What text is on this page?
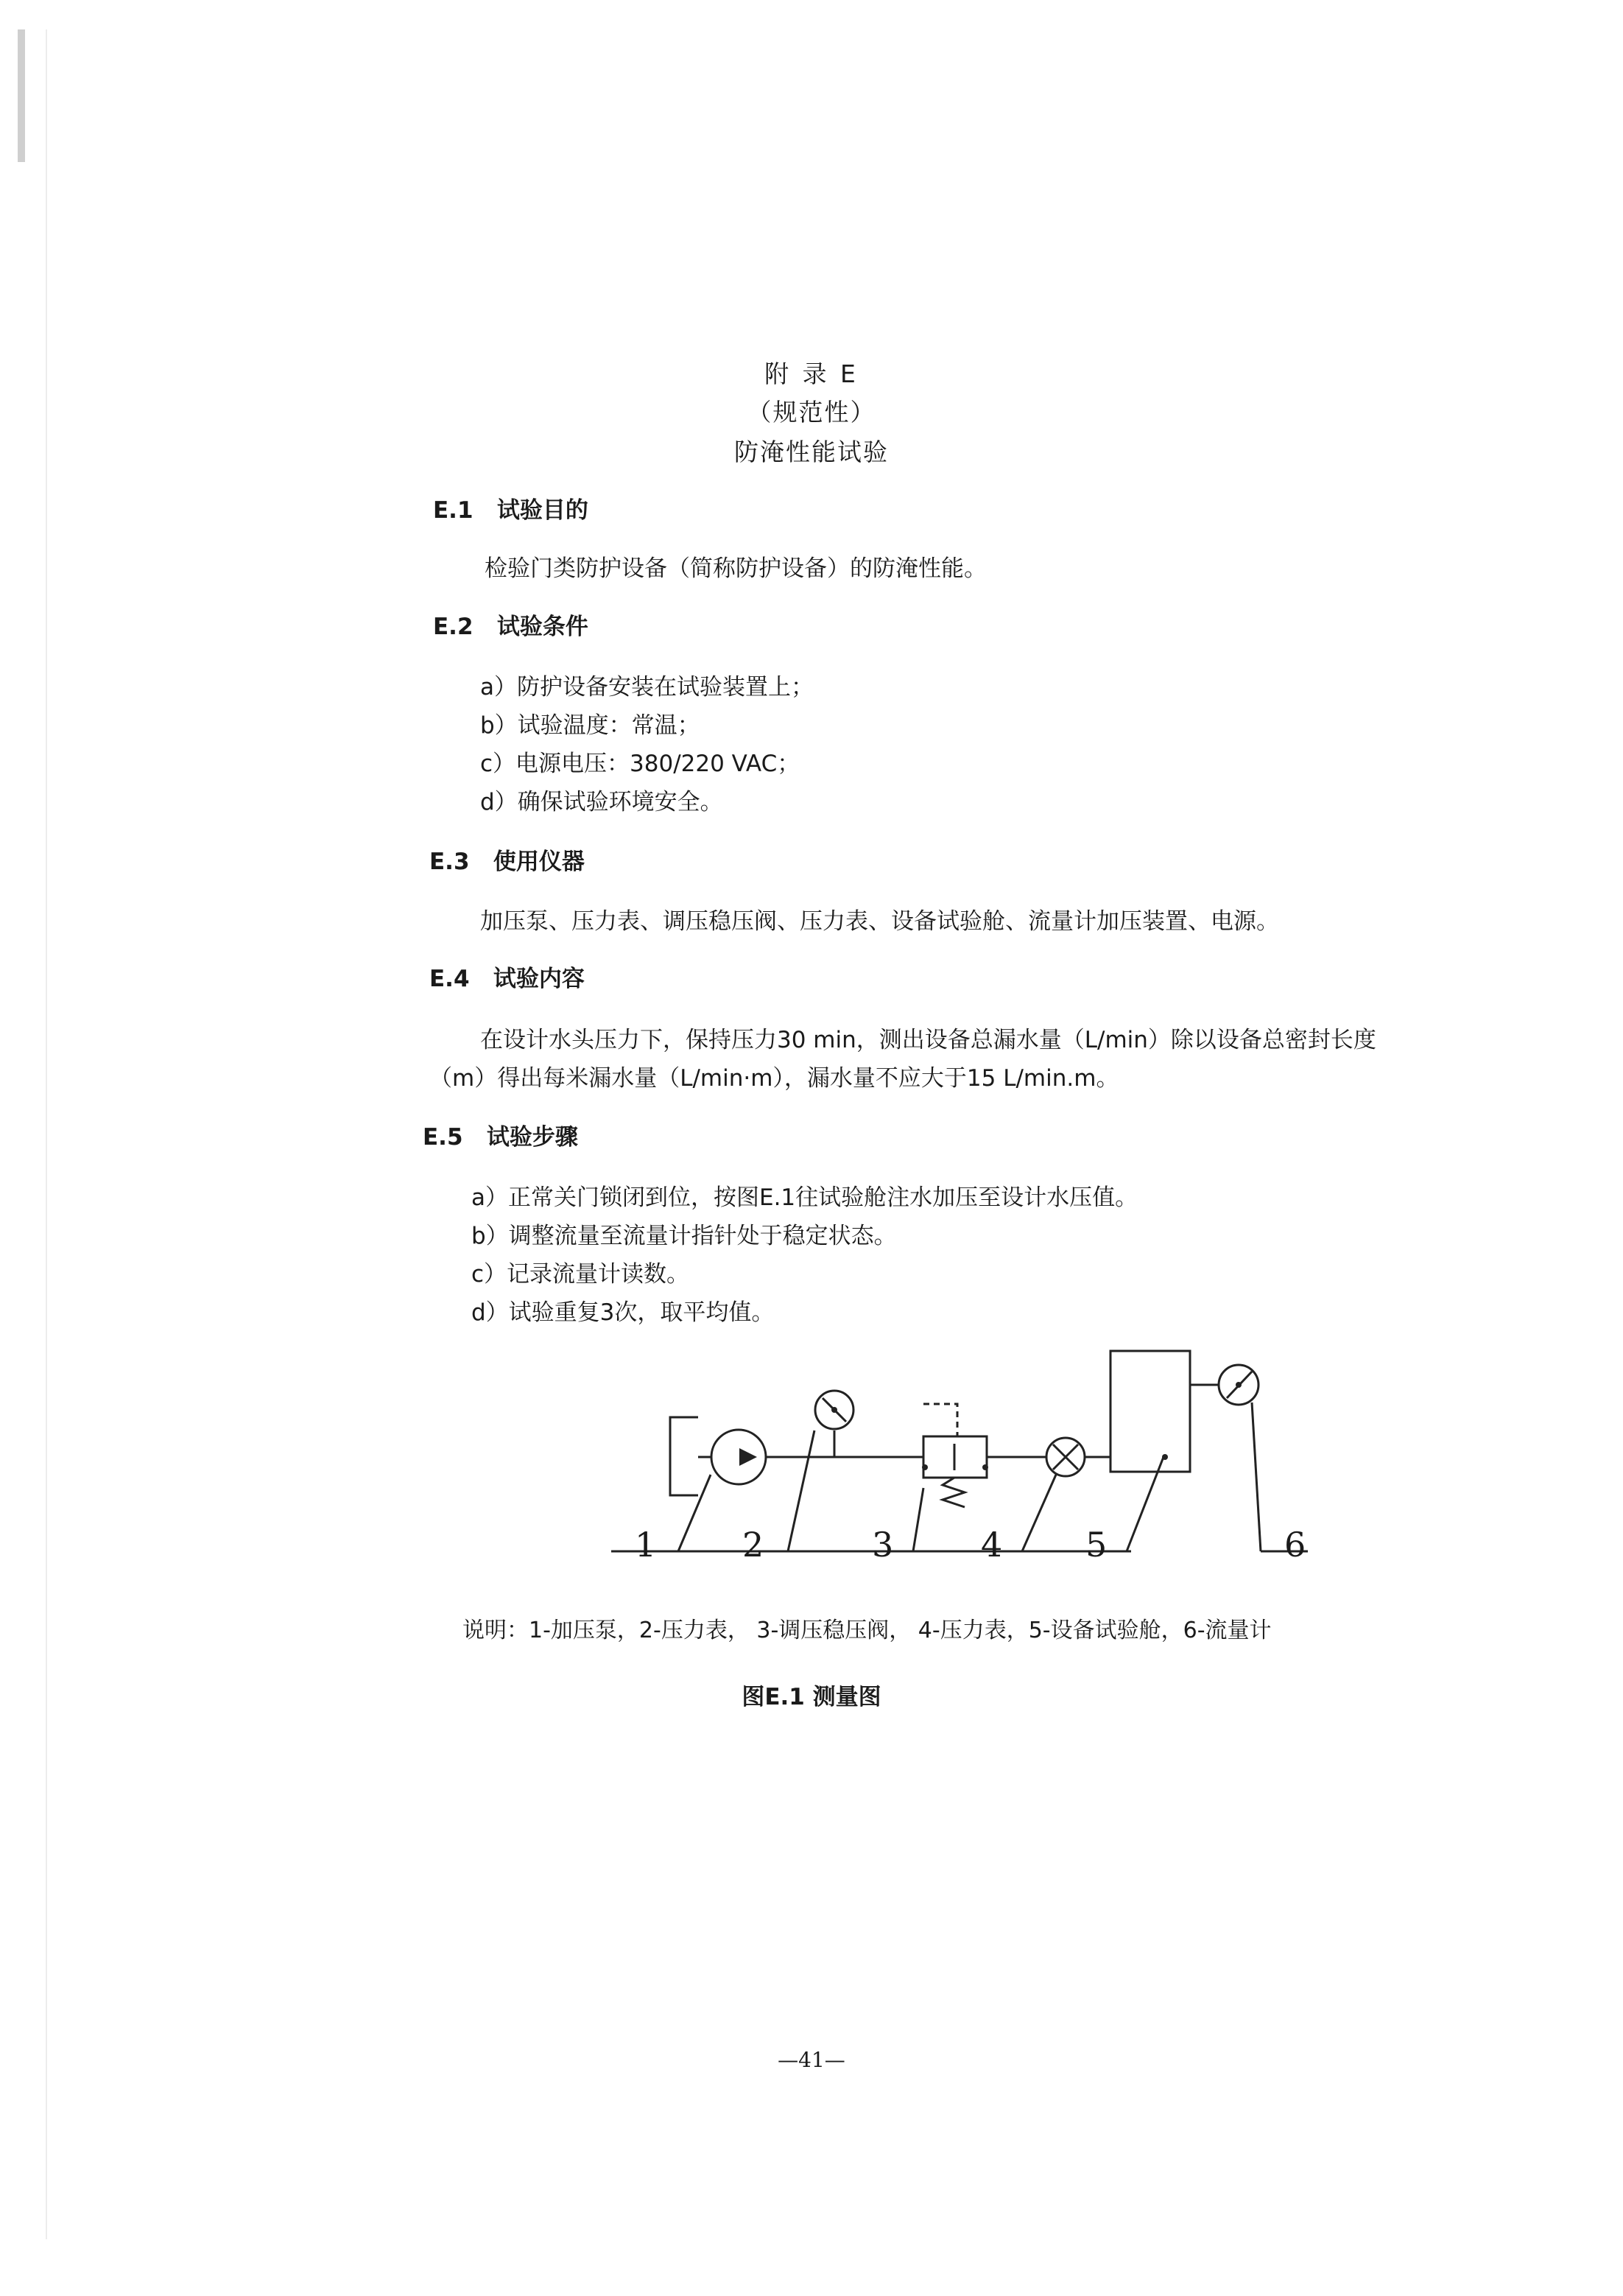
附 录 E
（规范性）
防淹性能试验
E.1 试验目的
检验门类防护设备（简称防护设备）的防淹性能。
E.2 试验条件
a）防护设备安装在试验装置上；
b）试验温度：常温；
c）电源电压：380/220 VAC；
d）确保试验环境安全。
E.3 使用仪器
加压泵、压力表、调压稳压阀、压力表、设备试验舱、流量计加压装置、电源。
E.4 试验内容
在设计水头压力下，保持压力30 min，测出设备总漏水量（L/min）除以设备总密封长度
（m）得出每米漏水量（L/min·m），漏水量不应大于15 L/min.m。
E.5 试验步骤
a）正常关门锁闭到位，按图E.1往试验舱注水加压至设计水压值。
b）调整流量至流量计指针处于稳定状态。
c）记录流量计读数。
d）试验重复3次，取平均值。
1	2	3	4 5	6
说明：1-加压泵，2-压力表， 3-调压稳压阀， 4-压力表，5-设备试验舱，6-流量计
图E.1 测量图
—41—
